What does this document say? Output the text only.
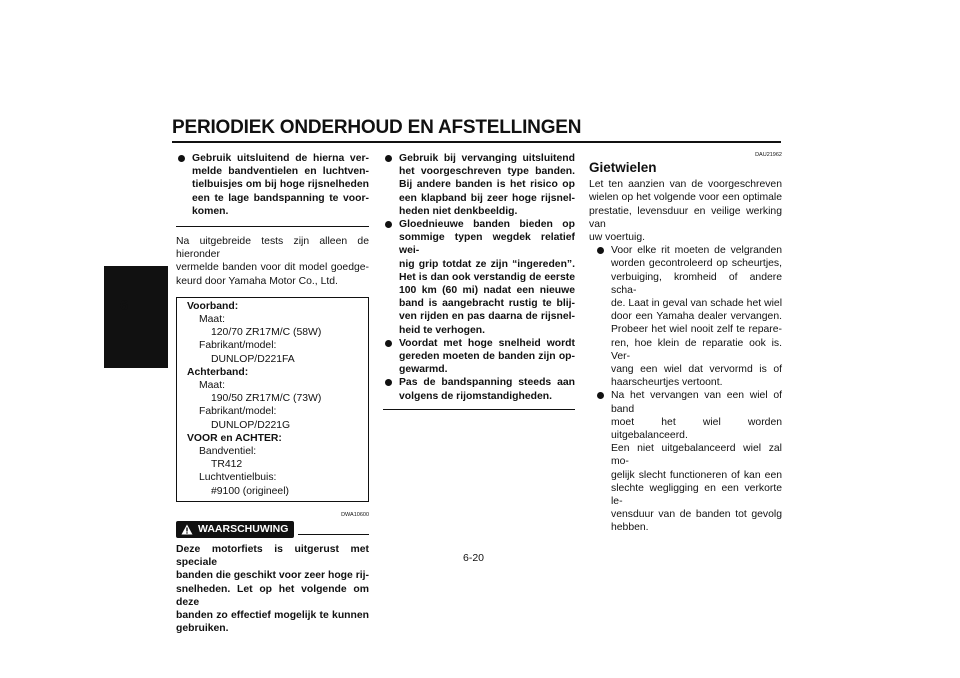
PERIODIEK ONDERHOUD EN AFSTELLINGEN
6
Gebruik uitsluitend de hierna ver-
melde bandventielen en luchtven-
tielbuisjes om bij hoge rijsnelheden
een te lage bandspanning te voor-
komen.
Na uitgebreide tests zijn alleen de hieronder
vermelde banden voor dit model goedge-
keurd door Yamaha Motor Co., Ltd.
Voorband:
Maat:
120/70 ZR17M/C (58W)
Fabrikant/model:
DUNLOP/D221FA
Achterband:
Maat:
190/50 ZR17M/C (73W)
Fabrikant/model:
DUNLOP/D221G
VOOR en ACHTER:
Bandventiel:
TR412
Luchtventielbuis:
#9100 (origineel)
DWA10600
WAARSCHUWING
Deze motorfiets is uitgerust met speciale
banden die geschikt voor zeer hoge rij-
snelheden. Let op het volgende om deze
banden zo effectief mogelijk te kunnen
gebruiken.
Gebruik bij vervanging uitsluitend
het voorgeschreven type banden.
Bij andere banden is het risico op
een klapband bij zeer hoge rijsnel-
heden niet denkbeeldig.
Gloednieuwe banden bieden op
sommige typen wegdek relatief wei-
nig grip totdat ze zijn “ingereden”.
Het is dan ook verstandig de eerste
100 km (60 mi) nadat een nieuwe
band is aangebracht rustig te blij-
ven rijden en pas daarna de rijsnel-
heid te verhogen.
Voordat met hoge snelheid wordt
gereden moeten de banden zijn op-
gewarmd.
Pas de bandspanning steeds aan
volgens de rijomstandigheden.
DAU21962
Gietwielen
Let ten aanzien van de voorgeschreven
wielen op het volgende voor een optimale
prestatie, levensduur en veilige werking van
uw voertuig.
Voor elke rit moeten de velgranden
worden gecontroleerd op scheurtjes,
verbuiging, kromheid of andere scha-
de. Laat in geval van schade het wiel
door een Yamaha dealer vervangen.
Probeer het wiel nooit zelf te repare-
ren, hoe klein de reparatie ook is. Ver-
vang een wiel dat vervormd is of
haarscheurtjes vertoont.
Na het vervangen van een wiel of band
moet het wiel worden uitgebalanceerd.
Een niet uitgebalanceerd wiel zal mo-
gelijk slecht functioneren of kan een
slechte wegligging en een verkorte le-
vensduur van de banden tot gevolg
hebben.
6-20
